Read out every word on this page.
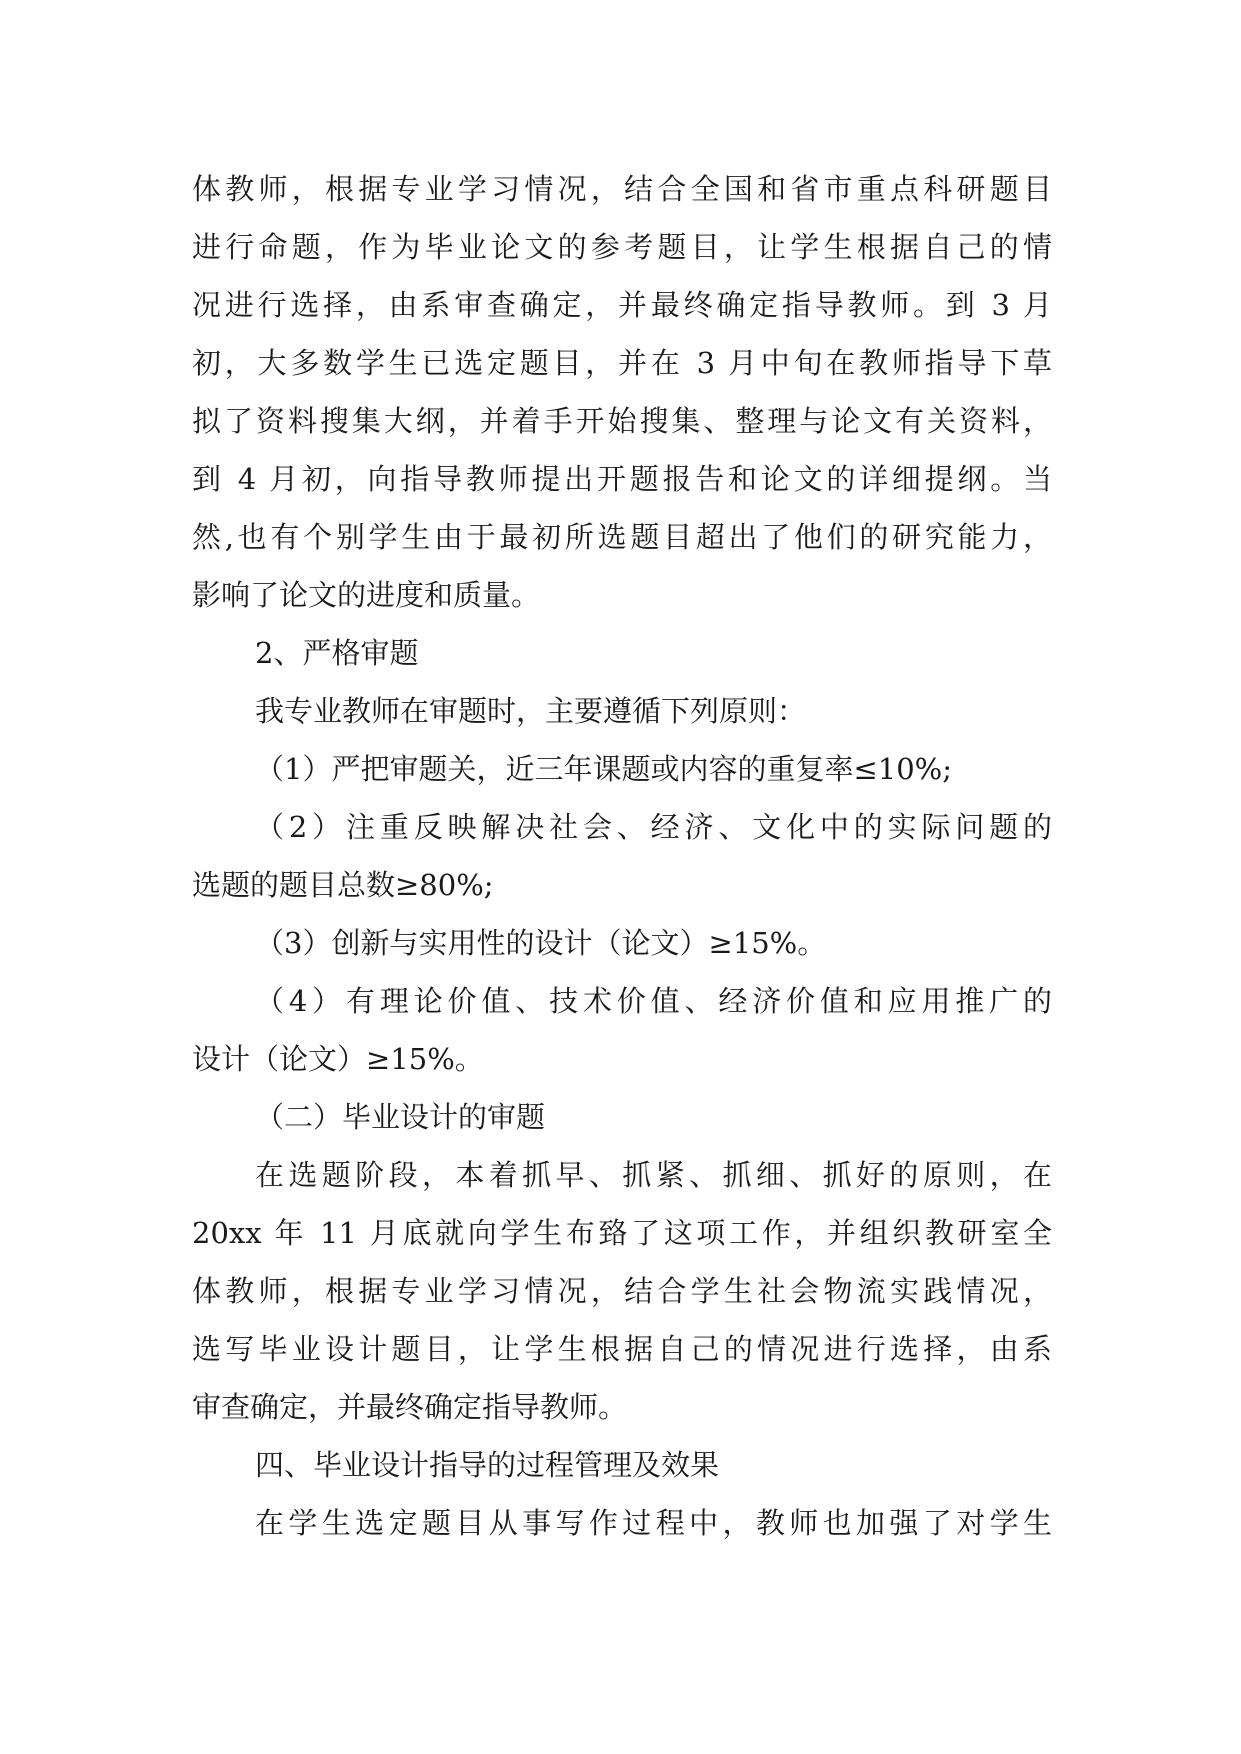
体教师，根据专业学习情况，结合全国和省市重点科研题目
进行命题，作为毕业论文的参考题目，让学生根据自己的情
况进行选择，由系审查确定，并最终确定指导教师。到 3 月
初，大多数学生已选定题目，并在 3 月中旬在教师指导下草
拟了资料搜集大纲，并着手开始搜集、整理与论文有关资料，
到 4 月初，向指导教师提出开题报告和论文的详细提纲。当
然,也有个别学生由于最初所选题目超出了他们的研究能力，
影响了论文的进度和质量。
2、严格审题
我专业教师在审题时，主要遵循下列原则：
（1）严把审题关，近三年课题或内容的重复率≤10%;
（2）注重反映解决社会、经济、文化中的实际问题的
选题的题目总数≥80%;
（3）创新与实用性的设计（论文）≥15%。
（4）有理论价值、技术价值、经济价值和应用推广的
设计（论文）≥15%。
（二）毕业设计的审题
在选题阶段，本着抓早、抓紧、抓细、抓好的原则，在
20xx 年 11 月底就向学生布臵了这项工作，并组织教研室全
体教师，根据专业学习情况，结合学生社会物流实践情况，
选写毕业设计题目，让学生根据自己的情况进行选择，由系
审查确定，并最终确定指导教师。
四、毕业设计指导的过程管理及效果
在学生选定题目从事写作过程中，教师也加强了对学生
